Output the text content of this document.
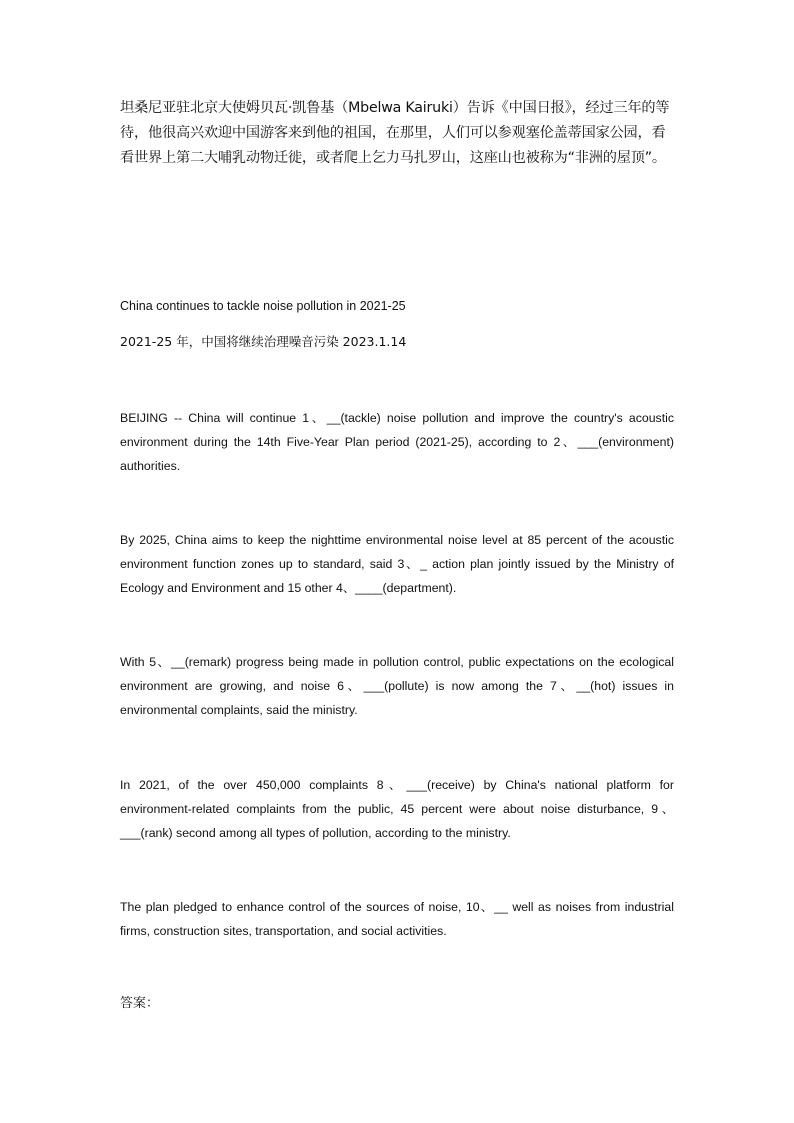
坦桑尼亚驻北京大使姆贝瓦·凯鲁基（Mbelwa Kairuki）告诉《中国日报》，经过三年的等待，他很高兴欢迎中国游客来到他的祖国，在那里，人们可以参观塞伦盖蒂国家公园，看看世界上第二大哺乳动物迁徙，或者爬上乞力马扎罗山，这座山也被称为“非洲的屋顶”。

China continues to tackle noise pollution in 2021-25

2021-25 年，中国将继续治理噪音污染 2023.1.14

BEIJING -- China will continue 1、__(tackle) noise pollution and improve the country's acoustic environment during the 14th Five-Year Plan period (2021-25), according to 2、___(environment) authorities.

By 2025, China aims to keep the nighttime environmental noise level at 85 percent of the acoustic environment function zones up to standard, said 3、_ action plan jointly issued by the Ministry of Ecology and Environment and 15 other 4、____(department).

With 5、__(remark) progress being made in pollution control, public expectations on the ecological environment are growing, and noise 6、___(pollute) is now among the 7、__(hot) issues in environmental complaints, said the ministry.

In 2021, of the over 450,000 complaints 8、___(receive) by China's national platform for environment-related complaints from the public, 45 percent were about noise disturbance, 9、___(rank) second among all types of pollution, according to the ministry.

The plan pledged to enhance control of the sources of noise, 10、__ well as noises from industrial firms, construction sites, transportation, and social activities.

答案：
